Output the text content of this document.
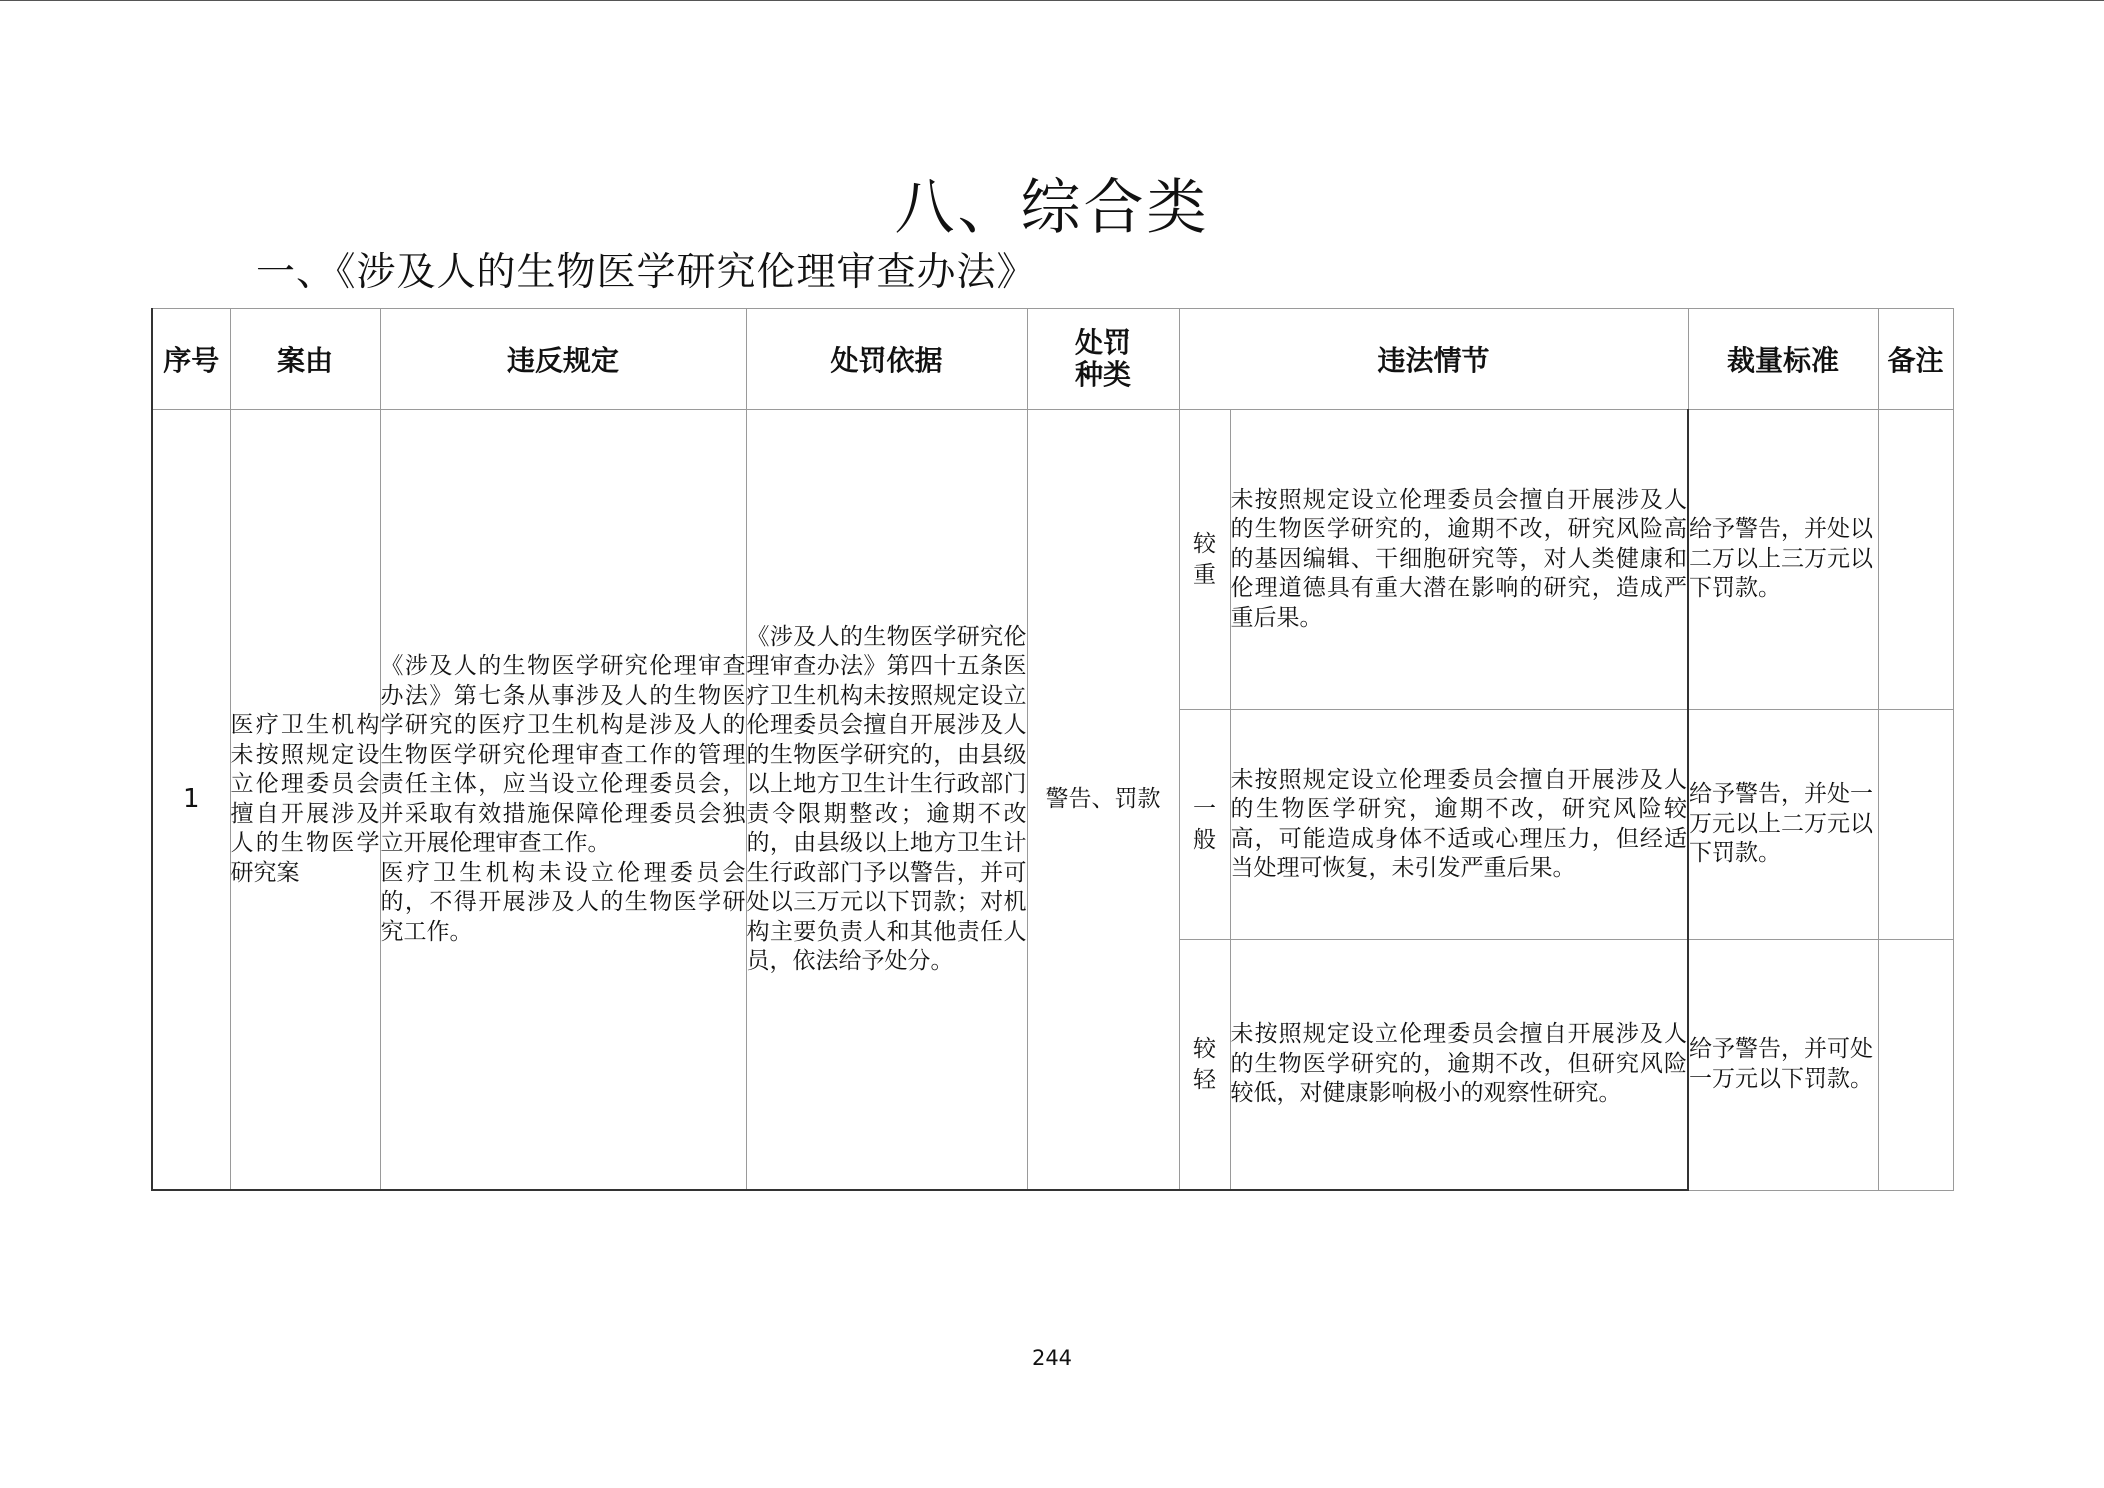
八、综合类
一、《涉及人的生物医学研究伦理审查办法》
序号	案由	违反规定	处罚依据	处罚
种类	违法情节		裁量标准	备注
1	医疗卫生机构未按照规定设立伦理委员会擅自开展涉及人的生物医学研究案	《涉及人的生物医学研究伦理审查办法》第七条从事涉及人的生物医学研究的医疗卫生机构是涉及人的生物医学研究伦理审查工作的管理责任主体，应当设立伦理委员会，并采取有效措施保障伦理委员会独立开展伦理审查工作。
医疗卫生机构未设立伦理委员会的，不得开展涉及人的生物医学研究工作。	《涉及人的生物医学研究伦理审查办法》第四十五条医疗卫生机构未按照规定设立伦理委员会擅自开展涉及人的生物医学研究的，由县级以上地方卫生计生行政部门责令限期整改；逾期不改的，由县级以上地方卫生计生行政部门予以警告，并可处以三万元以下罚款；对机构主要负责人和其他责任人员，依法给予处分。	警告、罚款	较重	未按照规定设立伦理委员会擅自开展涉及人的生物医学研究的，逾期不改，研究风险高的基因编辑、干细胞研究等，对人类健康和伦理道德具有重大潜在影响的研究，造成严重后果。	给予警告，并处以二万以上三万元以下罚款。	
					一般	未按照规定设立伦理委员会擅自开展涉及人的生物医学研究，逾期不改，研究风险较高，可能造成身体不适或心理压力，但经适当处理可恢复，未引发严重后果。	给予警告，并处一万元以上二万元以下罚款。	
					较轻	未按照规定设立伦理委员会擅自开展涉及人的生物医学研究的，逾期不改，但研究风险较低，对健康影响极小的观察性研究。	给予警告，并可处一万元以下罚款。	
244
